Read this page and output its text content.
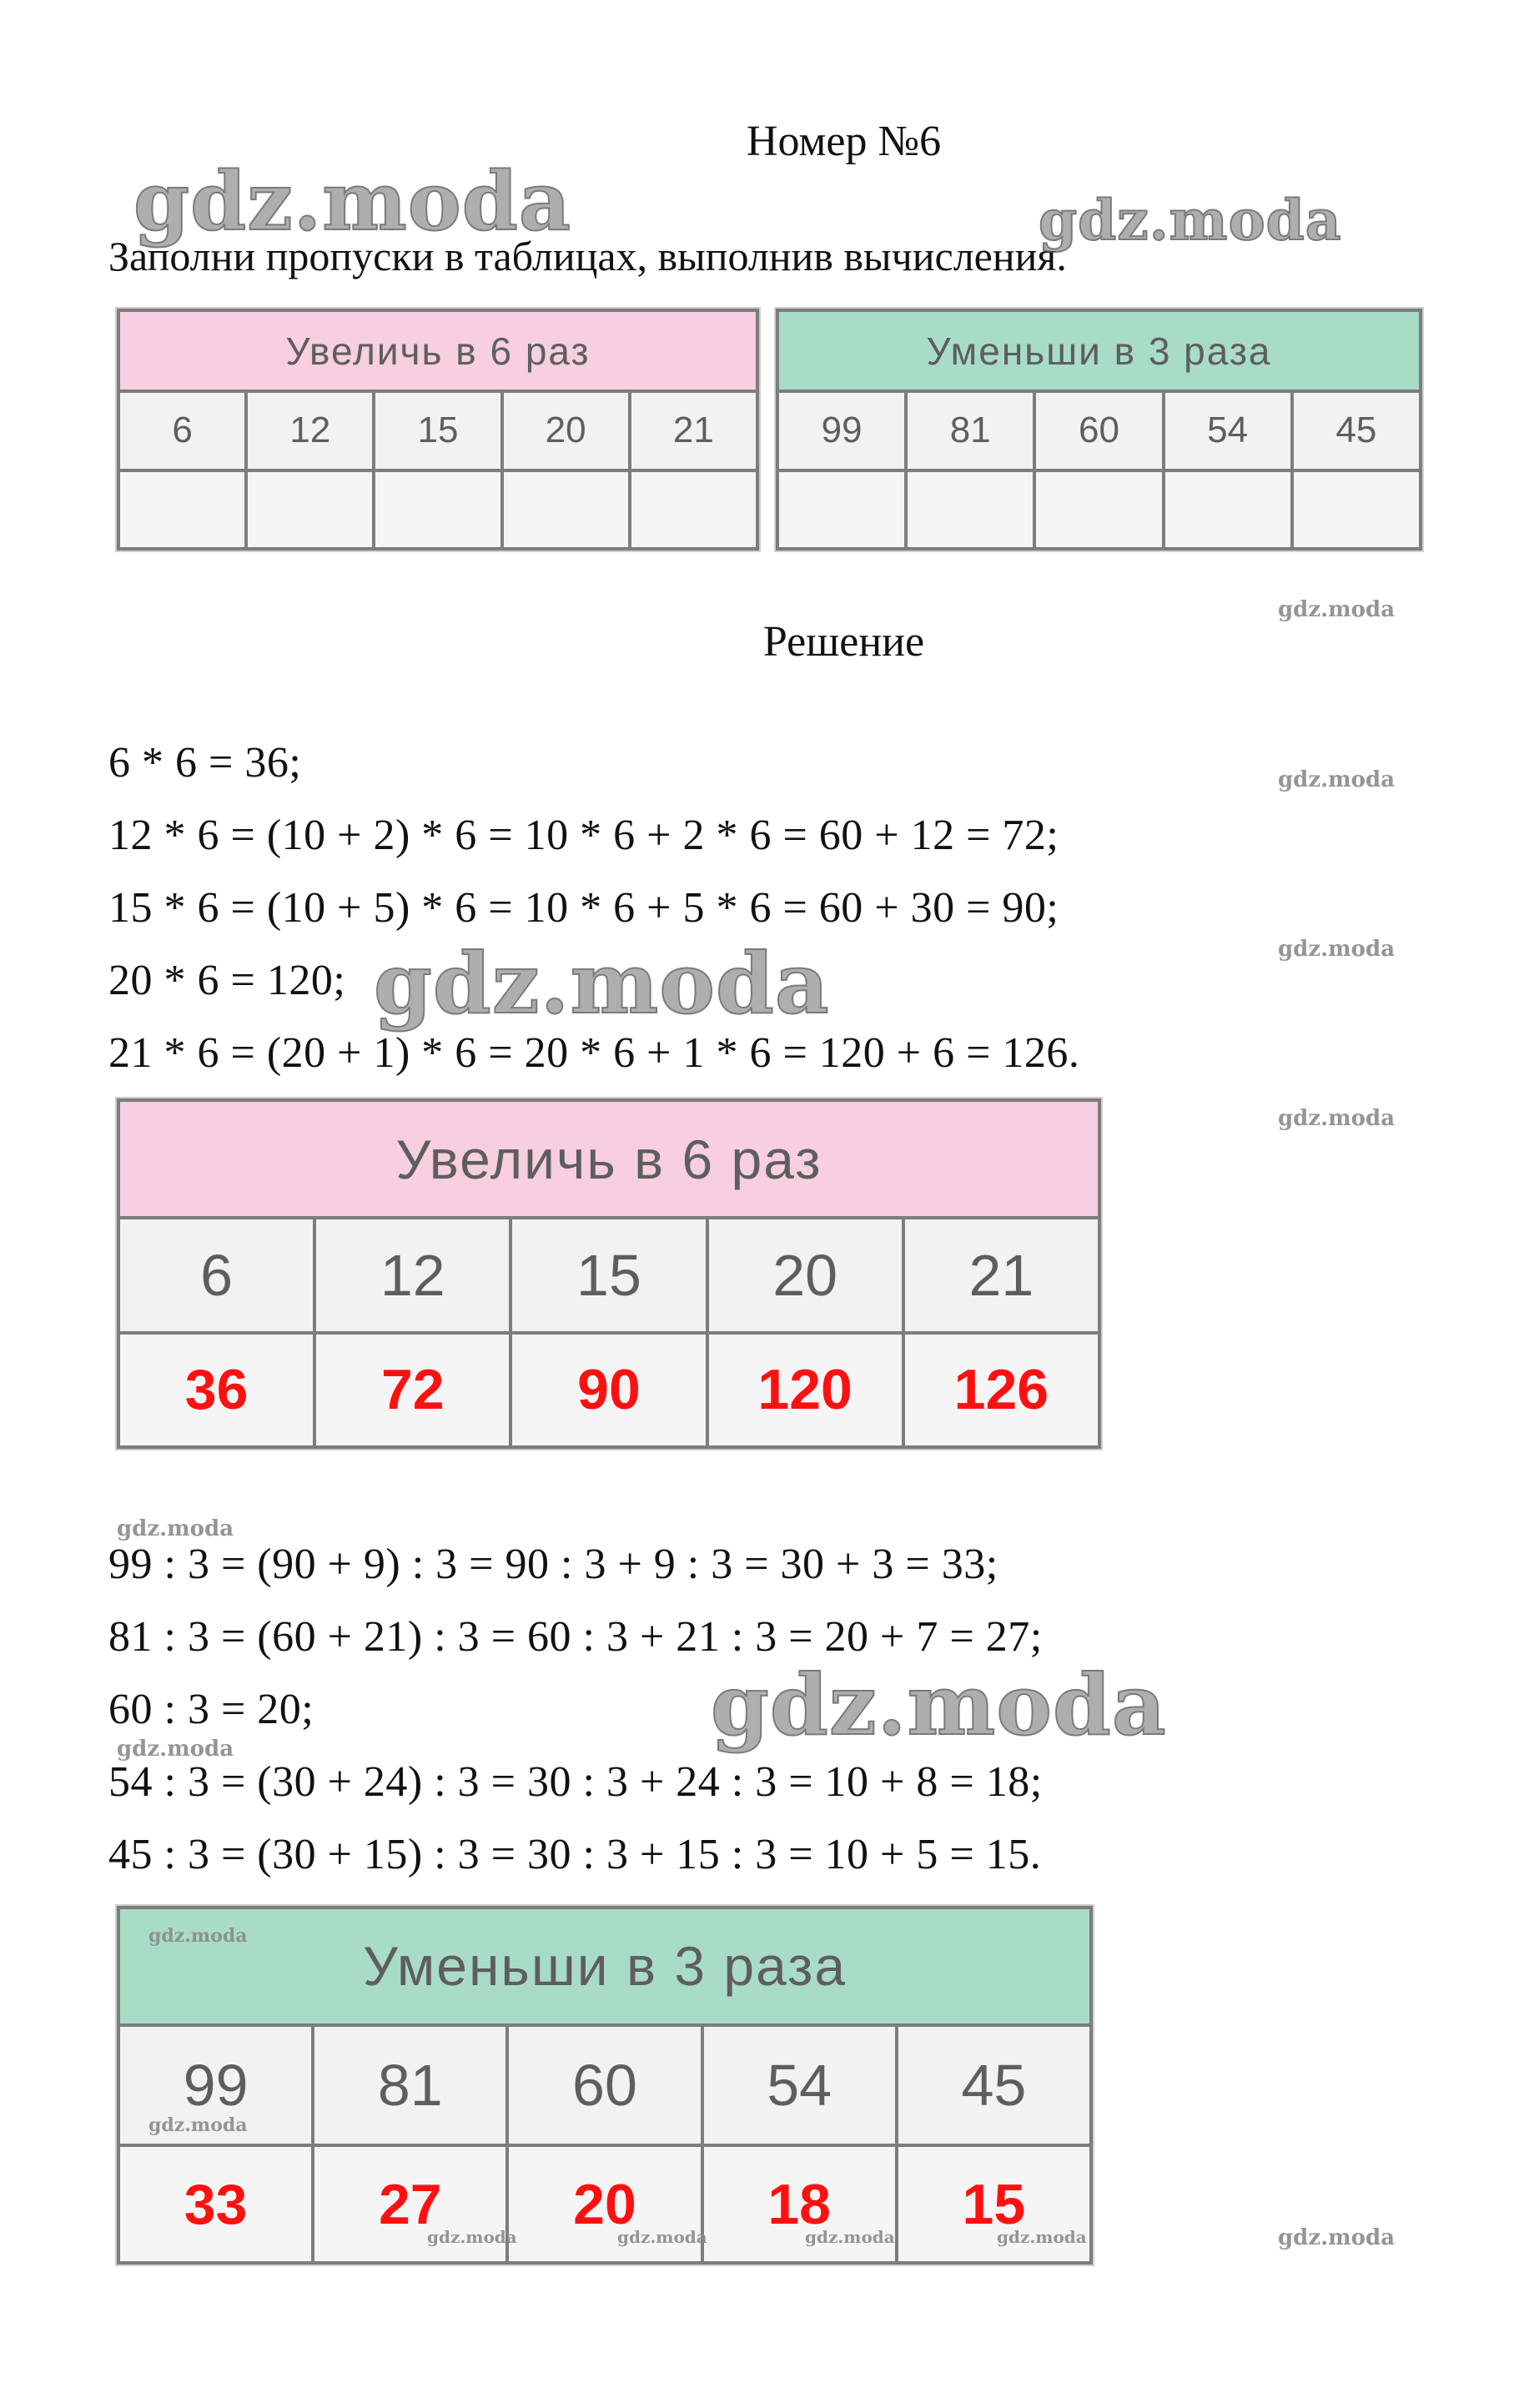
Номер №6
Заполни пропуски в таблицах, выполнив вычисления.
Увеличь в 6 раз				
6	12	15	20	21

Уменьши в 3 раза				
99	81	60	54	45

Решение
6 * 6 = 36;
12 * 6 = (10 + 2) * 6 = 10 * 6 + 2 * 6 = 60 + 12 = 72;
15 * 6 = (10 + 5) * 6 = 10 * 6 + 5 * 6 = 60 + 30 = 90;
20 * 6 = 120;
21 * 6 = (20 + 1) * 6 = 20 * 6 + 1 * 6 = 120 + 6 = 126.
Увеличь в 6 раз				
6	12	15	20	21
36	72	90	120	126
99 : 3 = (90 + 9) : 3 = 90 : 3 + 9 : 3 = 30 + 3 = 33;
81 : 3 = (60 + 21) : 3 = 60 : 3 + 21 : 3 = 20 + 7 = 27;
60 : 3 = 20;
54 : 3 = (30 + 24) : 3 = 30 : 3 + 24 : 3 = 10 + 8 = 18;
45 : 3 = (30 + 15) : 3 = 30 : 3 + 15 : 3 = 10 + 5 = 15.
Уменьши в 3 раза				
99	81	60	54	45
33	27	20	18	15
gdz.moda	gdz.moda
gdz.moda
gdz.moda
gdz.moda
gdz.moda
gdz.moda
gdz.moda
gdz.moda
gdz.moda
gdz.moda
gdz.moda
gdz.moda	gdz.moda	gdz.moda	gdz.moda	gdz.moda
